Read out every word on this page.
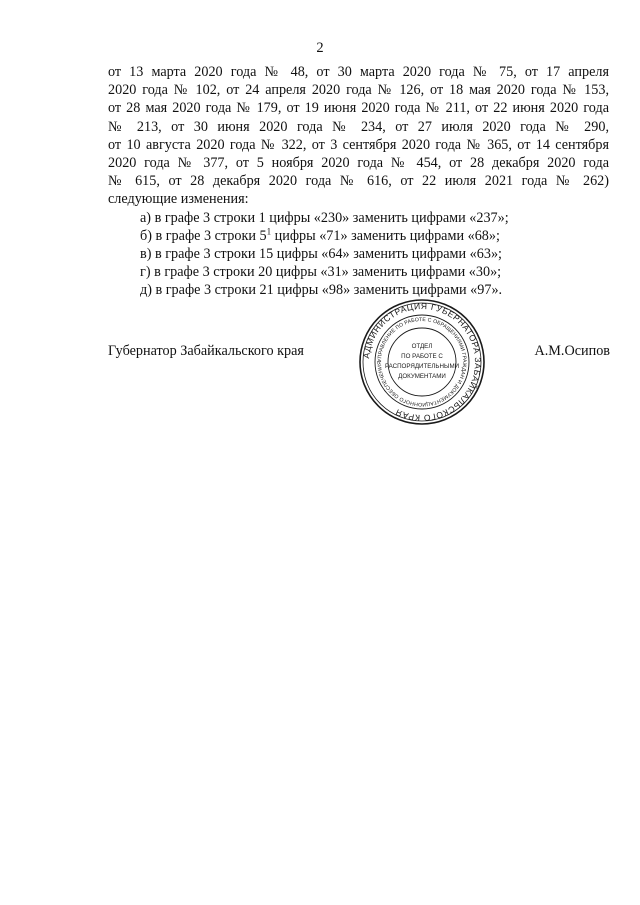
2
от 13 марта 2020 года № 48, от 30 марта 2020 года № 75, от 17 апреля
2020 года № 102, от 24 апреля 2020 года № 126, от 18 мая 2020 года № 153,
от 28 мая 2020 года № 179, от 19 июня 2020 года № 211, от 22 июня 2020 года
№ 213, от 30 июня 2020 года № 234, от 27 июля 2020 года № 290,
от 10 августа 2020 года № 322, от 3 сентября 2020 года № 365, от 14 сентября
2020 года № 377, от 5 ноября 2020 года № 454, от 28 декабря 2020 года
№ 615, от 28 декабря 2020 года № 616, от 22 июля 2021 года № 262)
следующие изменения:
а) в графе 3 строки 1 цифры «230» заменить цифрами «237»;
б) в графе 3 строки $5^1$ цифры «71» заменить цифрами «68»;
в) в графе 3 строки 15 цифры «64» заменить цифрами «63»;
г) в графе 3 строки 20 цифры «31» заменить цифрами «30»;
д) в графе 3 строки 21 цифры «98» заменить цифрами «97».
Губернатор Забайкальского края	А.М.Осипов
АДМИНИСТРАЦИЯ ГУБЕРНАТОРА ЗАБАЙКАЛЬСКОГО КРАЯ
УПРАВЛЕНИЕ ПО РАБОТЕ С ОБРАЩЕНИЯМИ ГРАЖДАН И ДОКУМЕНТАЦИОННОГО ОБЕСПЕЧЕНИЯ
ОТДЕЛ
ПО РАБОТЕ С
РАСПОРЯДИТЕЛЬНЫМИ
ДОКУМЕНТАМИ
